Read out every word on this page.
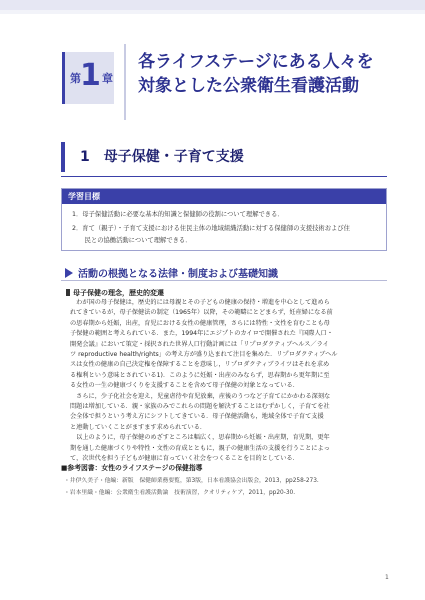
第 1 章
各ライフステージにある人々を
対象とした公衆衛生看護活動
1　母子保健・子育て支援
学習目標
1．母子保健活動に必要な基本的知識と保健師の役割について理解できる．
2．育て（親子）・子育て支援における住民主体の地域組織活動に対する保健師の支援技術および住
　　民との協働活動について理解できる．
活動の根拠となる法律・制度および基礎知識
母子保健の理念，歴史的変遷
　わが国の母子保健は，歴史的には母親とその子どもの健康の保持・増進を中心として進めら
れてきているが，母子保健法の制定（1965年）以降，その範疇にとどまらず，妊産婦になる前
の思春期から妊娠，出産，育児における女性の健康管理，さらには特性・文性を育むことも母
子保健の範囲と考えられている．また，1994年にエジプトのカイロで開催された『国際人口・
開発会議』において策定・採択された世界人口行動計画には「リプロダクティブヘルス／ライ
ツ reproductive health/rights」の考え方が盛り込まれて注目を集めた．リプロダクティブヘル
スは女性の健康の自己決定権を保障することを意味し，リプロダクティブライツはそれを求め
る権利という意味とされている1)．このように妊娠・出産のみならず，思春期から更年期に至
る女性の一生の健康づくりを支援することを含めて母子保健の対象となっている．
　さらに，少子化社会を迎え，児童虐待や育児放棄，産後のうつなど子育てにかかわる深刻な
問題は増加している．親・家族のみでこれらの問題を解決することはむずかしく，子育てを社
会全体で担うという考え方にシフトしてきている．母子保健活動も，地域全体で子育て支援
と連動していくことがますます求められている．
　以上のように，母子保健のめざすところは幅広く，思春期から妊娠・出産期，育児期，更年
期を通した健康づくりや特性・文性の育成とともに，親子の健康生活の支援を行うことによっ
て，次世代を担う子どもが健康に育っていく社会をつくることを目的としている．
■参考図書：女性のライフステージの保健指導
・井伊久美子・他編：新版　保健師業務要覧，第3版，日本看護協会出版会，2013，pp258-273.
・岩本里織・他編：公衆衛生看護活動論　技術演習，クオリティケア，2011，pp20-30.
1
